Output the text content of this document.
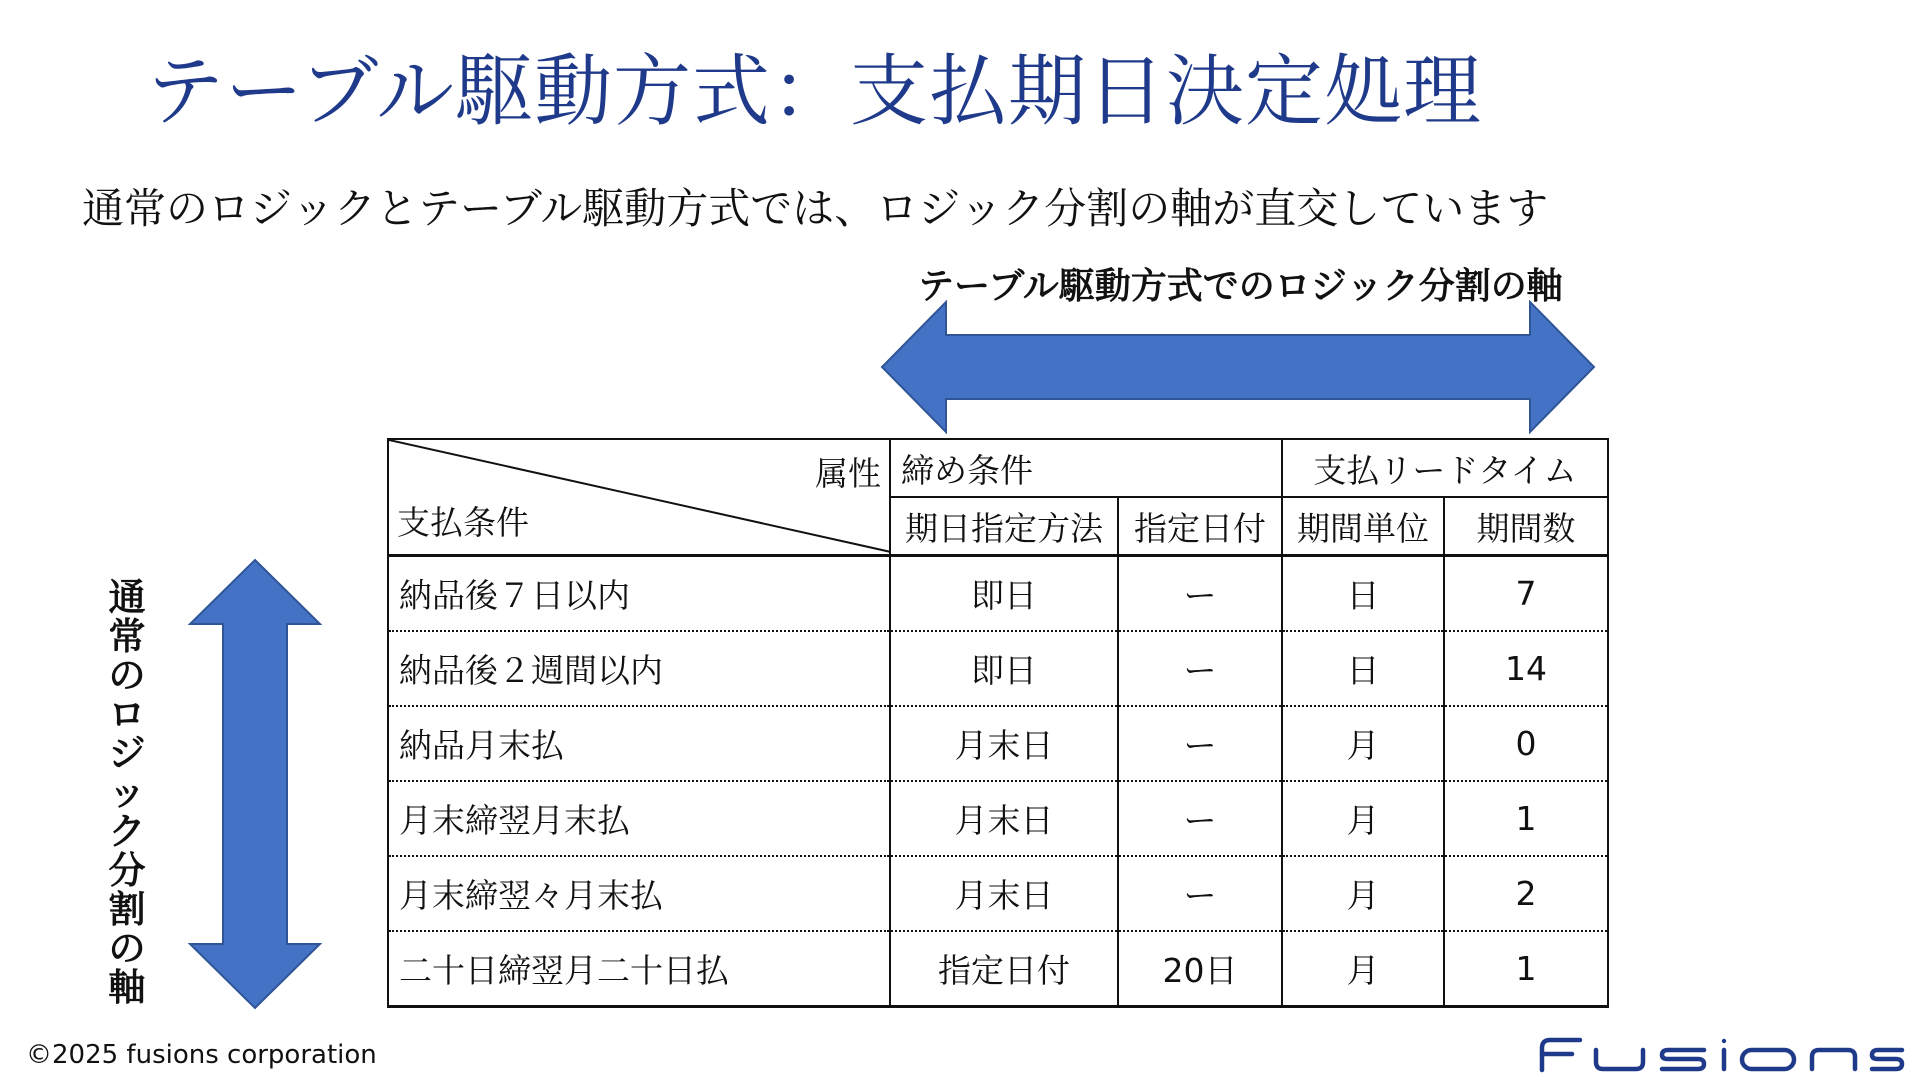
テーブル駆動方式：支払期日決定処理
通常のロジックとテーブル駆動方式では、ロジック分割の軸が直交しています
テーブル駆動方式でのロジック分割の軸
通
常
の
ロ
ジ
ッ
ク
分
割
の
軸
属性
支払条件	締め条件		支払リードタイム	
	期日指定方法	指定日付	期間単位	期間数
納品後７日以内	即日	ー	日	7
納品後２週間以内	即日	ー	日	14
納品月末払	月末日	ー	月	0
月末締翌月末払	月末日	ー	月	1
月末締翌々月末払	月末日	ー	月	2
二十日締翌月二十日払	指定日付	20日	月	1
©2025 fusions corporation
